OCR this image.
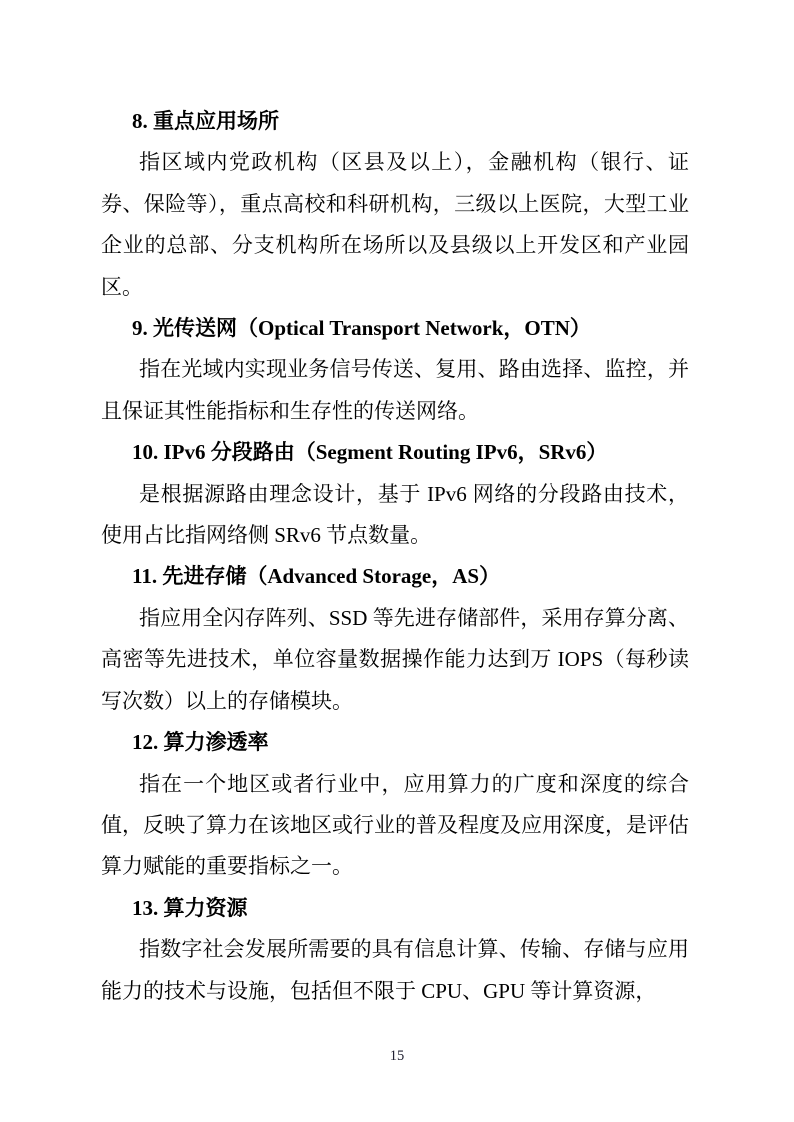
8. 重点应用场所
指区域内党政机构（区县及以上），金融机构（银行、证券、保险等），重点高校和科研机构，三级以上医院，大型工业企业的总部、分支机构所在场所以及县级以上开发区和产业园区。
9. 光传送网（Optical Transport Network，OTN）
指在光域内实现业务信号传送、复用、路由选择、监控，并且保证其性能指标和生存性的传送网络。
10. IPv6 分段路由（Segment Routing IPv6，SRv6）
是根据源路由理念设计，基于 IPv6 网络的分段路由技术，使用占比指网络侧 SRv6 节点数量。
11. 先进存储（Advanced Storage，AS）
指应用全闪存阵列、SSD 等先进存储部件，采用存算分离、高密等先进技术，单位容量数据操作能力达到万 IOPS（每秒读写次数）以上的存储模块。
12. 算力渗透率
指在一个地区或者行业中，应用算力的广度和深度的综合值，反映了算力在该地区或行业的普及程度及应用深度，是评估算力赋能的重要指标之一。
13. 算力资源
指数字社会发展所需要的具有信息计算、传输、存储与应用能力的技术与设施，包括但不限于 CPU、GPU 等计算资源，
15
